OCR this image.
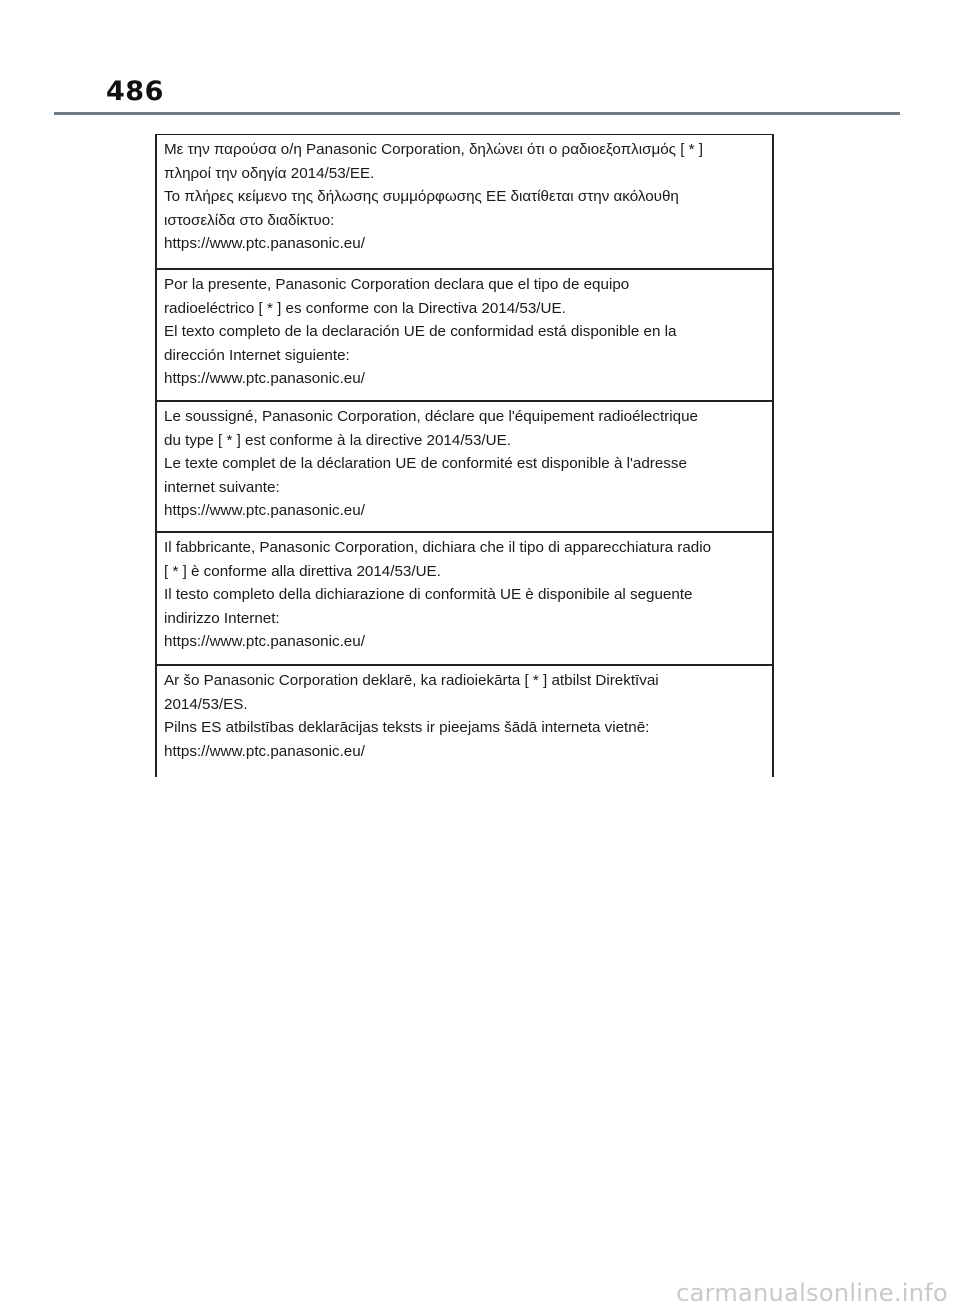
486
Με την παρούσα ο/η Panasonic Corporation, δηλώνει ότι ο ραδιοεξοπλισμός [ * ]
πληροί την οδηγία 2014/53/ΕΕ.
Το πλήρες κείμενο της δήλωσης συμμόρφωσης ΕΕ διατίθεται στην ακόλουθη
ιστοσελίδα στο διαδίκτυο:
https://www.ptc.panasonic.eu/
Por la presente, Panasonic Corporation declara que el tipo de equipo
radioeléctrico [ * ] es conforme con la Directiva 2014/53/UE.
El texto completo de la declaración UE de conformidad está disponible en la
dirección Internet siguiente:
https://www.ptc.panasonic.eu/
Le soussigné, Panasonic Corporation, déclare que l'équipement radioélectrique
du type [ * ] est conforme à la directive 2014/53/UE.
Le texte complet de la déclaration UE de conformité est disponible à l'adresse
internet suivante:
https://www.ptc.panasonic.eu/
Il fabbricante, Panasonic Corporation, dichiara che il tipo di apparecchiatura radio
[ * ] è conforme alla direttiva 2014/53/UE.
Il testo completo della dichiarazione di conformità UE è disponibile al seguente
indirizzo Internet:
https://www.ptc.panasonic.eu/
Ar šo Panasonic Corporation deklarē, ka radioiekārta [ * ] atbilst Direktīvai
2014/53/ES.
Pilns ES atbilstības deklarācijas teksts ir pieejams šādā interneta vietnē:
https://www.ptc.panasonic.eu/
carmanualsonline.info
